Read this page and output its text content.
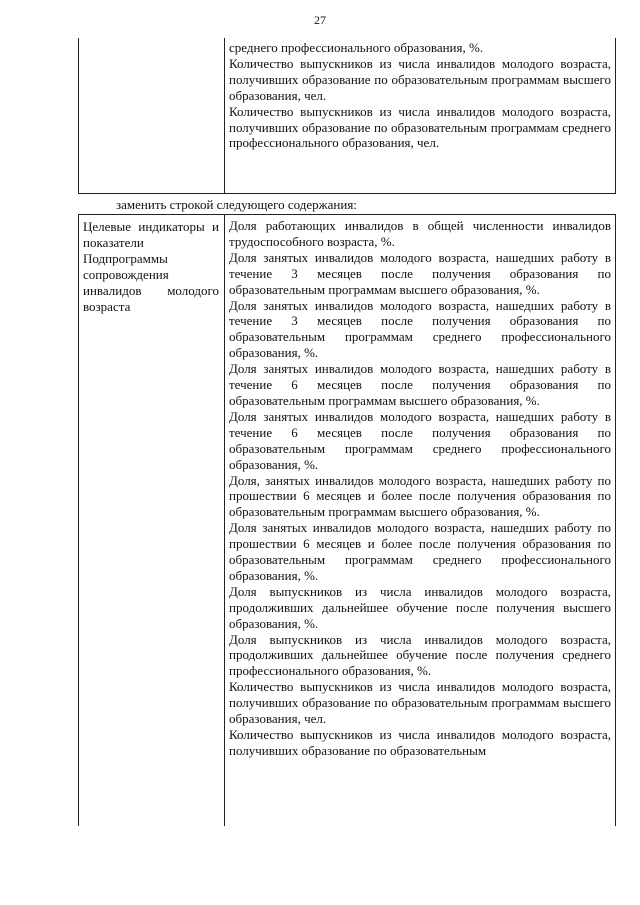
27

среднего профессионального образования, %.

Количество выпускников из числа инвалидов молодого возраста, получивших образование по образовательным программам высшего образования, чел.

Количество выпускников из числа инвалидов молодого возраста, получивших образование по образовательным программам среднего профессионального образования, чел.

заменить строкой следующего содержания:
Целевые индикаторы и показатели Подпрограммы сопровождения инвалидов молодого возраста

Доля работающих инвалидов в общей численности инвалидов трудоспособного возраста, %.

Доля занятых инвалидов молодого возраста, нашедших работу в течение 3 месяцев после получения образования по образовательным программам высшего образования, %.

Доля занятых инвалидов молодого возраста, нашедших работу в течение 3 месяцев после получения образования по образовательным программам среднего профессионального образования, %.

Доля занятых инвалидов молодого возраста, нашедших работу в течение 6 месяцев после получения образования по образовательным программам высшего образования, %.

Доля занятых инвалидов молодого возраста, нашедших работу в течение 6 месяцев после получения образования по образовательным программам среднего профессионального образования, %.

Доля, занятых инвалидов молодого возраста, нашедших работу по прошествии 6 месяцев и более после получения образования по образовательным программам высшего образования, %.

Доля занятых инвалидов молодого возраста, нашедших работу по прошествии 6 месяцев и более после получения образования по образовательным программам среднего профессионального образования, %.

Доля выпускников из числа инвалидов молодого возраста, продолживших дальнейшее обучение после получения высшего образования, %.

Доля выпускников из числа инвалидов молодого возраста, продолживших дальнейшее обучение после получения среднего профессионального образования, %.

Количество выпускников из числа инвалидов молодого возраста, получивших образование по образовательным программам высшего образования, чел.

Количество выпускников из числа инвалидов молодого возраста, получивших образование по образовательным
